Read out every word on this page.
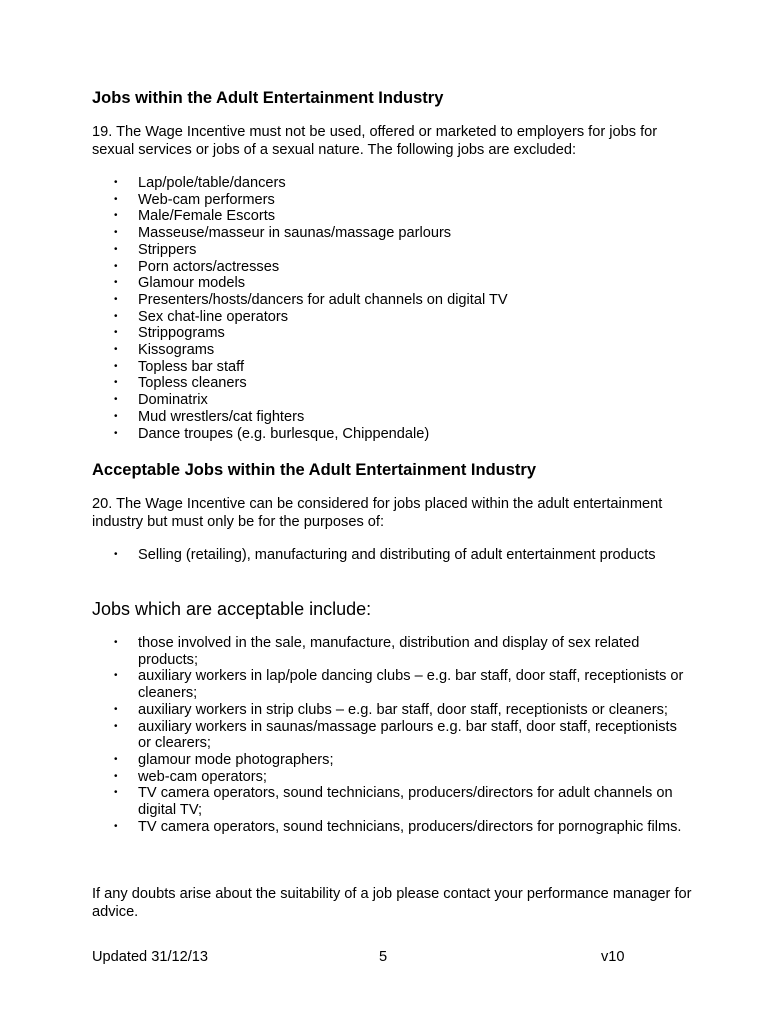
Jobs within the Adult Entertainment Industry

19. The Wage Incentive must not be used, offered or marketed to employers for jobs for sexual services or jobs of a sexual nature. The following jobs are excluded:

• Lap/pole/table/dancers
• Web-cam performers
• Male/Female Escorts
• Masseuse/masseur in saunas/massage parlours
• Strippers
• Porn actors/actresses
• Glamour models
• Presenters/hosts/dancers for adult channels on digital TV
• Sex chat-line operators
• Strippograms
• Kissograms
• Topless bar staff
• Topless cleaners
• Dominatrix
• Mud wrestlers/cat fighters
• Dance troupes (e.g. burlesque, Chippendale)
Acceptable Jobs within the Adult Entertainment Industry

20. The Wage Incentive can be considered for jobs placed within the adult entertainment industry but must only be for the purposes of:

• Selling (retailing), manufacturing and distributing of adult entertainment products
Jobs which are acceptable include:
• those involved in the sale, manufacture, distribution and display of sex related products;
• auxiliary workers in lap/pole dancing clubs – e.g. bar staff, door staff, receptionists or cleaners;
• auxiliary workers in strip clubs – e.g. bar staff, door staff, receptionists or cleaners;
• auxiliary workers in saunas/massage parlours e.g. bar staff, door staff, receptionists or clearers;
• glamour mode photographers;
• web-cam operators;
• TV camera operators, sound technicians, producers/directors for adult channels on digital TV;
• TV camera operators, sound technicians, producers/directors for pornographic films.

If any doubts arise about the suitability of a job please contact your performance manager for advice.

Updated 31/12/13	5	v10
